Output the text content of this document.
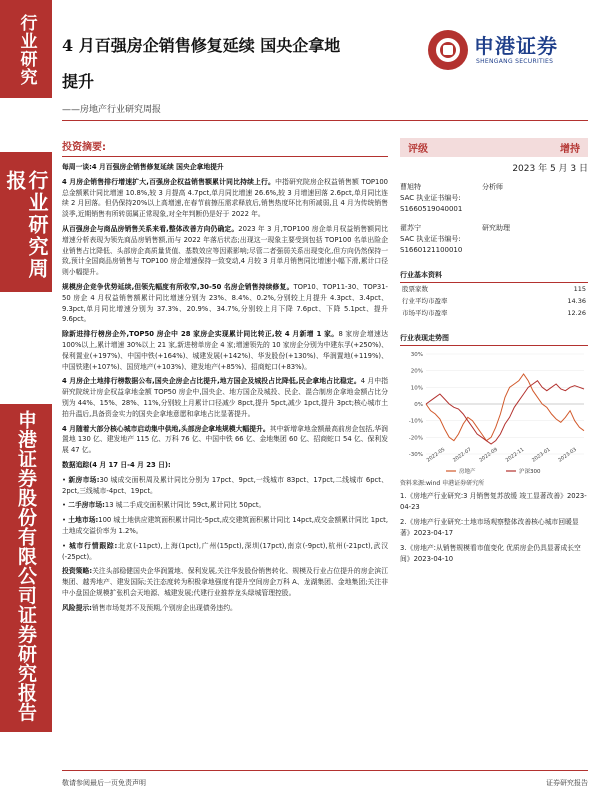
行业研究
行业研究周报
申港证券股份有限公司证券研究报告
4 月百强房企销售修复延续 国央企拿地
提升
——房地产行业研究周报
申港证券
SHENGANG SECURITIES
投资摘要:

每周一谈:4 月百强房企销售修复延续 国央企拿地提升

4 月房企销售排行增速扩大,百强房企权益销售额累计同比持续上行。中指研究院房企权益销售额 TOP100 总金额累计同比增速 10.8%,较 3 月提高 4.7pct,单月同比增速 26.6%,较 3 月增速回落 2.6pct,单月同比连续 2 月回落。但仍保持20%以上高增速,在春节前擦压需求释放后,销售热度环比有所减弱,且 4 月为传统销售淡季,近期销售有所转弱属正常现象,对全年判断仍是好于 2022 年。

从百强房企与商品房销售关系来看,整体改善方向仍确定。2023 年 3 月,TOP100 房企单月权益销售额同比增速分析表现为领先商品房销售额,而与 2022 年落后状态;出现这一现象主要受到包括 TOP100 名单出险企业销售占比降低、头部房企高质量货值、基数效应等因素影响;尽管二者强弱关系出现变化,但方向仍然保持一致,预计全国商品房销售与 TOP100 房企增速保持一致变动,4 月较 3 月单月销售同比增速小幅下滑,累计口径则小幅提升。

规模房企竞争优势延续,但领先幅度有所收窄,30-50 名房企销售持续修复。TOP10、TOP11-30、TOP31-50 房企 4 月权益销售额累计同比增速分别为 23%、8.4%、0.2%,分别较上月提升 4.3pct、3.4pct、9.3pct,单月同比增速分别为 37.3%、20.9%、34.7%,分别较上月下降 7.6pct、下降 5.1pct、提升 9.6pct。

除新进排行榜房企外,TOP50 房企中 28 家房企实现累计同比转正,较 4 月新增 1 家。8 家房企增速达 100%以上,累计增速 30%以上 21 家,新进榜单房企 4 家;增速领先的 10 家房企分别为中建东孚(+250%)、保利置业(+197%)、中国中铁(+164%)、城建发展(+142%)、华发股份(+130%)、华润置地(+119%)、中国铁建(+107%)、国贸地产(+103%)、建发地产(+85%)、招商蛇口(+83%)。

4 月房企土地排行榜数据公布,国央企房企占比提升,地方国企及城投占比降低,民企拿地占比稳定。4 月中指研究院统计房企权益拿地金额 TOP50 房企中,国央企、地方国企及城投、民企、混合制房企拿地金额占比分别为 44%、15%、28%、11%,分别较上月累计口径减少 8pct,提升 5pct,减少 1pct,提升 3pct;核心城市土拍升温后,具备资金实力的国央企拿地意愿和拿地占比显著提升。

4 月随着大部分核心城市启动集中供地,头部房企拿地规模大幅提升。其中新增拿地金额最高前房企包括,华润置地 130 亿、建发地产 115 亿、万科 76 亿、中国中铁 66 亿、金地集团 60 亿、招商蛇口 54 亿、保利发展 47 亿。

数据追踪(4 月 17 日-4 月 23 日):

• 新房市场:30 城成交面积周及累计同比分别为 17pct、9pct,一线城市 83pct、17pct,二线城市 6pct、2pct,三线城市-4pct、19pct。

• 二手房市场:13 城二手成交面积累计同比 59ct,累计同比 50pct。

• 土地市场:100 城土地供应建筑面积累计同比-5pct,成交建筑面积累计同比 14pct,成交金额累计同比 1pct,土地成交溢价率为 1.2%。

• 城市行情跟踪:北京(-11pct),上海(1pct),广州(15pct),深圳(17pct),南京(-9pct),杭州(-21pct),武汉(-25pct)。

投资策略:关注头部稳健国央企华润置地、保利发展,关注华发股份销售转化、规模及行业占位提升的房企滨江集团、越秀地产、建发国际;关注态度转为积极拿地强度有提升空间房企万科 A、龙湖集团、金地集团;关注非中小盘国企规模扩张机会天地源、城建发展;代建行业推荐龙头绿城管理控股。

风险提示:销售市场复苏不及预期,个别房企出现债务违约。

评级	增持
2023 年 5 月 3 日
曹旭特	分析师
SAC 执业证书编号:
S1660519040001
翟苏宁	研究助理
SAC 执业证书编号:
S1660121100010
行业基本资料
股票家数	115
行业平均市盈率	14.36
市场平均市盈率	12.26
行业表现走势图
30%
20%
10%
0%
-10%
-20%
-30% 2022-05 2022-07 2022-09 2022-11 2023-01 2023-03
房地产	沪深300
资料来源:wind 申港证券研究所

1.《房地产行业研究:3 月销售复苏放缓 竣工显著改善》2023-04-23

2.《房地产行业研究:土地市场观察整体改善核心城市回暖显著》2023-04-17

3.《房地产:从销售规模看市值变化 优质房企仍具显著成长空间》2023-04-10

敬请参阅最后一页免责声明	证券研究报告
